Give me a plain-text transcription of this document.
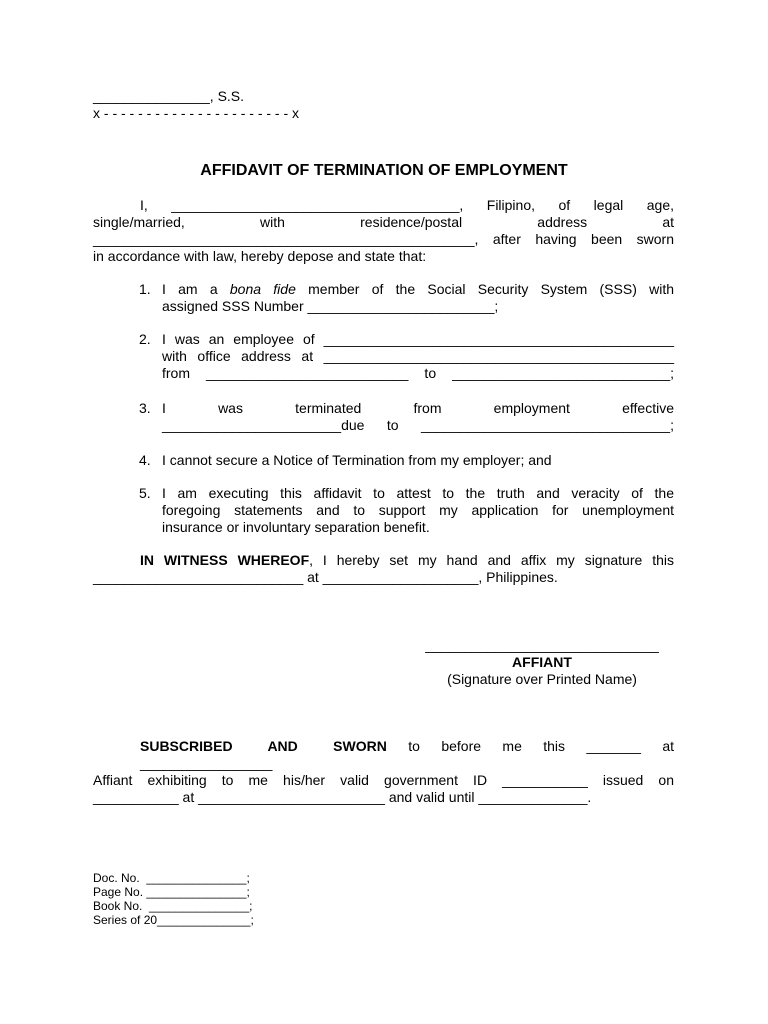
_______________, S.S.
x - - - - - - - - - - - - - - - - - - - - - - x
AFFIDAVIT OF TERMINATION OF EMPLOYMENT
I, _____________________________________, Filipino, of legal age,
single/married, with residence/postal address at
_________________________________________________, after having been sworn
in accordance with law, hereby depose and state that:
1. I am a bona fide member of the Social Security System (SSS) with
assigned SSS Number ________________________;
2. I was an employee of _____________________________________________
with office address at _____________________________________________
from __________________________ to ____________________________;
3. I was terminated from employment effective
_______________________due to ________________________________;
4. I cannot secure a Notice of Termination from my employer; and
5. I am executing this affidavit to attest to the truth and veracity of the
foregoing statements and to support my application for unemployment
insurance or involuntary separation benefit.
IN WITNESS WHEREOF, I hereby set my hand and affix my signature this
___________________________ at ____________________, Philippines.
______________________________
AFFIANT
(Signature over Printed Name)
SUBSCRIBED AND SWORN to before me this _______ at
_________________
Affiant exhibiting to me his/her valid government ID ___________ issued on
___________ at ________________________ and valid until ______________.
Doc. No.  _______________;
Page No. _______________;
Book No.  _______________;
Series of 20______________;
